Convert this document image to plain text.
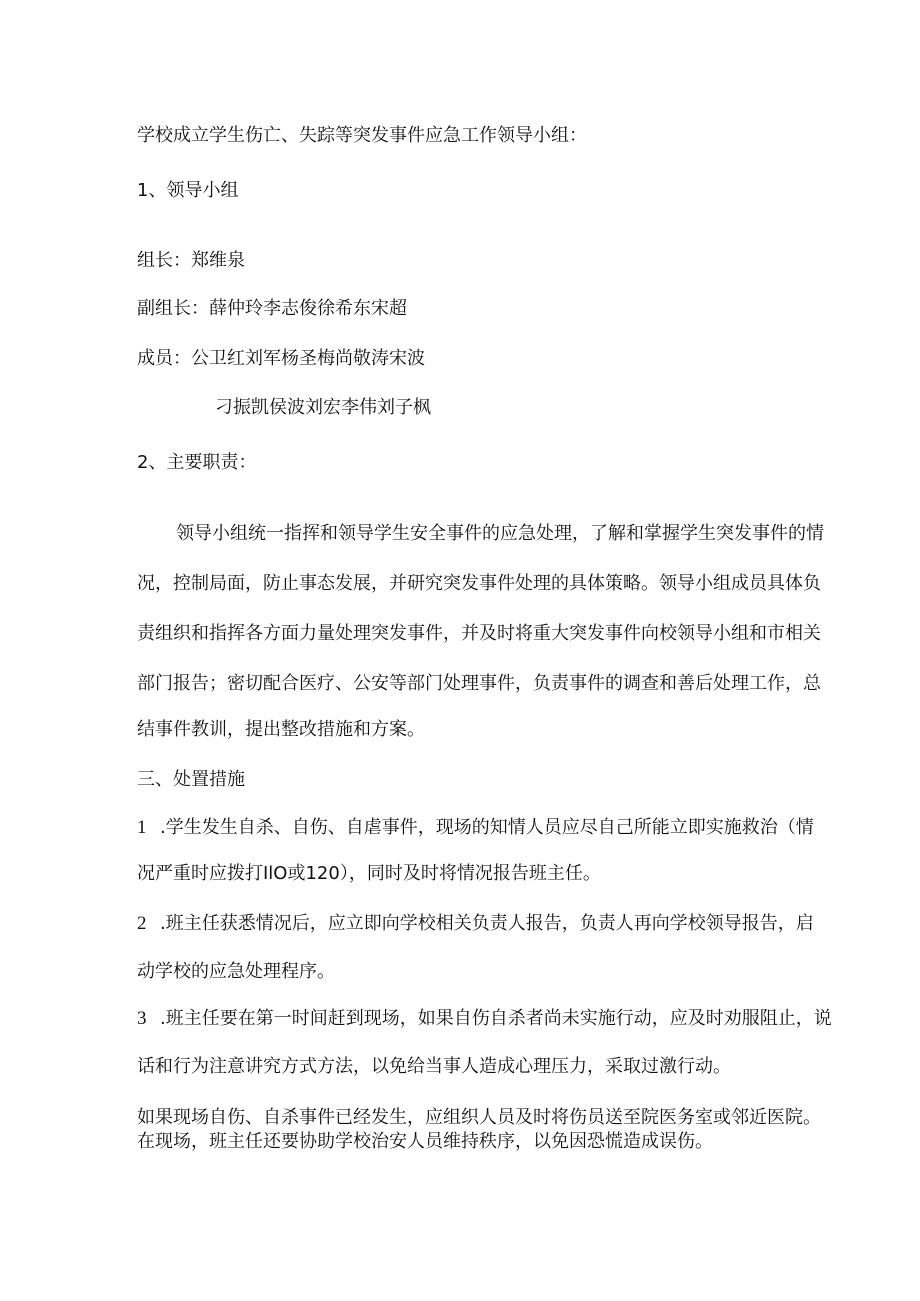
学校成立学生伤亡、失踪等突发事件应急工作领导小组：

1、领导小组

组长：郑维泉

副组长：薛仲玲李志俊徐希东宋超

成员：公卫红刘军杨圣梅尚敬涛宋波

刁振凯侯波刘宏李伟刘子枫

2、主要职责：

领导小组统一指挥和领导学生安全事件的应急处理，了解和掌握学生突发事件的情

况，控制局面，防止事态发展，并研究突发事件处理的具体策略。领导小组成员具体负

责组织和指挥各方面力量处理突发事件，并及时将重大突发事件向校领导小组和市相关

部门报告；密切配合医疗、公安等部门处理事件，负责事件的调查和善后处理工作，总

结事件教训，提出整改措施和方案。

三、处置措施

1 .学生发生自杀、自伤、自虐事件，现场的知情人员应尽自己所能立即实施救治（情

况严重时应拨打IlO或120），同时及时将情况报告班主任。

2 .班主任获悉情况后，应立即向学校相关负责人报告，负责人再向学校领导报告，启

动学校的应急处理程序。

3 .班主任要在第一时间赶到现场，如果自伤自杀者尚未实施行动，应及时劝服阻止，说

话和行为注意讲究方式方法，以免给当事人造成心理压力，采取过激行动。

如果现场自伤、自杀事件已经发生，应组织人员及时将伤员送至院医务室或邻近医院。

在现场，班主任还要协助学校治安人员维持秩序，以免因恐慌造成误伤。
